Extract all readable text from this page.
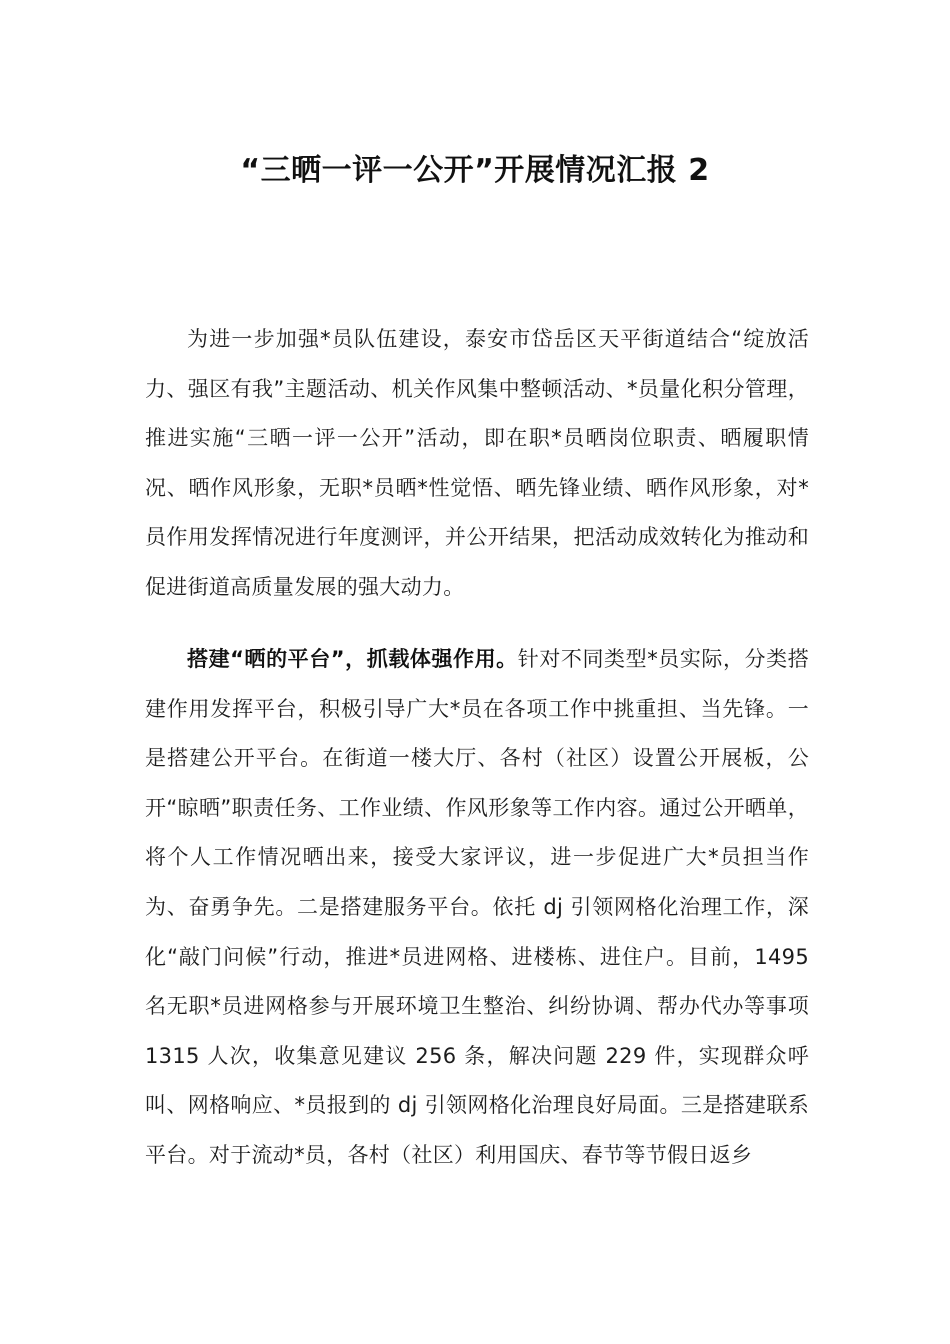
“三晒一评一公开”开展情况汇报 2

为进一步加强*员队伍建设，泰安市岱岳区天平街道结合“绽放活力、强区有我”主题活动、机关作风集中整顿活动、*员量化积分管理，推进实施“三晒一评一公开”活动，即在职*员晒岗位职责、晒履职情况、晒作风形象，无职*员晒*性觉悟、晒先锋业绩、晒作风形象，对*员作用发挥情况进行年度测评，并公开结果，把活动成效转化为推动和促进街道高质量发展的强大动力。

搭建“晒的平台”，抓载体强作用。针对不同类型*员实际，分类搭建作用发挥平台，积极引导广大*员在各项工作中挑重担、当先锋。一是搭建公开平台。在街道一楼大厅、各村（社区）设置公开展板，公开“晾晒”职责任务、工作业绩、作风形象等工作内容。通过公开晒单，将个人工作情况晒出来，接受大家评议，进一步促进广大*员担当作为、奋勇争先。二是搭建服务平台。依托 dj 引领网格化治理工作，深化“敲门问候”行动，推进*员进网格、进楼栋、进住户。目前，1495 名无职*员进网格参与开展环境卫生整治、纠纷协调、帮办代办等事项 1315 人次，收集意见建议 256 条，解决问题 229 件，实现群众呼叫、网格响应、*员报到的 dj 引领网格化治理良好局面。三是搭建联系平台。对于流动*员，各村（社区）利用国庆、春节等节假日返乡
